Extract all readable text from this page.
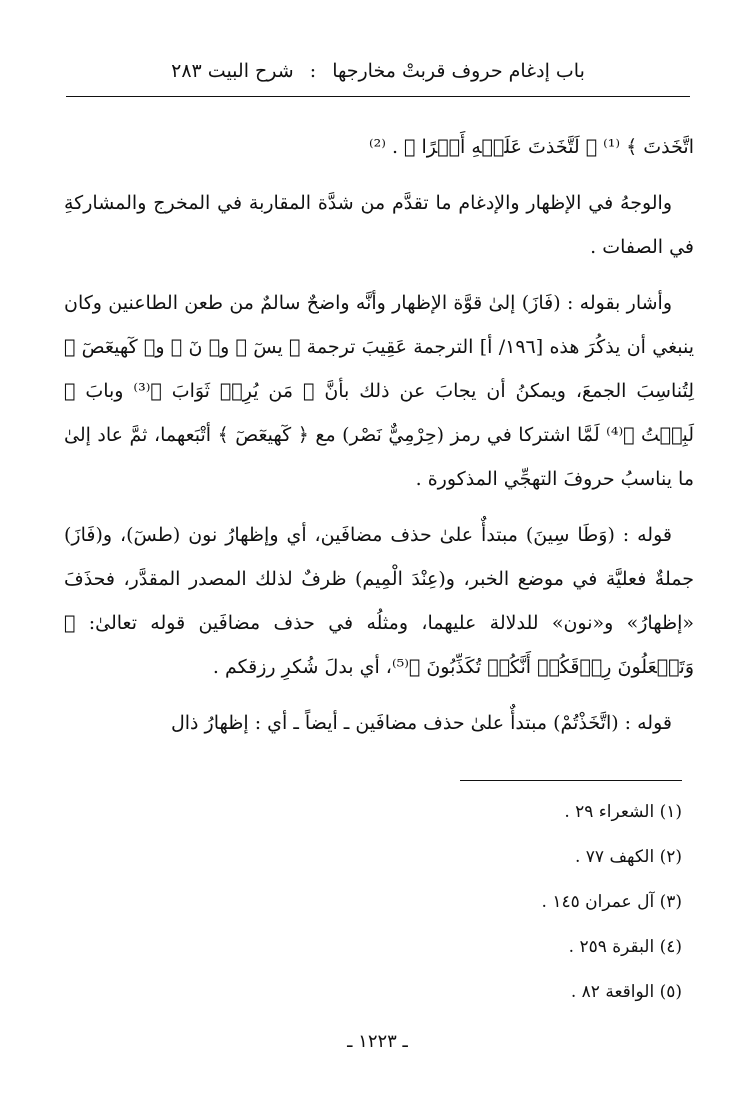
باب إدغام حروف قربتْ مخارجها : شرح البيت ٢٨٣

اتَّخَذتَ ﴾ ⁽¹⁾ ﴿ لَتَّخَذتَ عَلَيۡهِ أَجۡرًا ﴾ . ⁽²⁾

والوجهُ في الإظهار والإدغام ما تقدَّم من شدَّة المقاربة في المخرج والمشاركةِ في الصفات .

وأشار بقوله : (فَازَ) إلىٰ قوَّة الإظهار وأنَّه واضحٌ سالمٌ من طعن الطاعنين وكان ينبغي أن يذكُرَ هذه [١٩٦/ أ] الترجمة عَقِيبَ ترجمة ﴿ يسٓ ﴾ و﴿ نٓ ﴾ و﴿ كٓهيعٓصٓ ﴾ لِتُناسِبَ الجمعَ، ويمكنُ أن يجابَ عن ذلك بأنَّ ﴿ مَن يُرِدۡ ثَوَابَ ﴾⁽³⁾ وبابَ ﴿ لَبِثۡتُ ﴾⁽⁴⁾ لَمَّا اشتركا في رمز (حِرْمِيٌّ نَصْر) مع ﴿ كٓهيعٓصٓ ﴾ أتْبَعهما، ثمَّ عاد إلىٰ ما يناسبُ حروفَ التهجِّي المذكورة .

قوله : (وَطَا سِينَ) مبتدأٌ علىٰ حذف مضافَين، أي وإظهارُ نون (طسٓ)، و(فَازَ) جملةٌ فعليَّة في موضع الخبر، و(عِنْدَ الْمِيم) ظرفٌ لذلك المصدر المقدَّر، فحذَفَ «إظهارُ» و«نون» للدلالة عليهما، ومثلُه في حذف مضافَين قوله تعالىٰ: ﴿ وَتَجۡعَلُونَ رِزۡقَكُمۡ أَنَّكُمۡ تُكَذِّبُونَ ﴾⁽⁵⁾، أي بدلَ شُكرِ رزقكم .

قوله : (اتَّخَذْتُمْ) مبتدأٌ علىٰ حذف مضافَين ـ أيضاً ـ أي : إظهارُ ذال

(١) الشعراء ٢٩ .
(٢) الكهف ٧٧ .
(٣) آل عمران ١٤٥ .
(٤) البقرة ٢٥٩ .
(٥) الواقعة ٨٢ .
ـ ١٢٢٣ ـ
